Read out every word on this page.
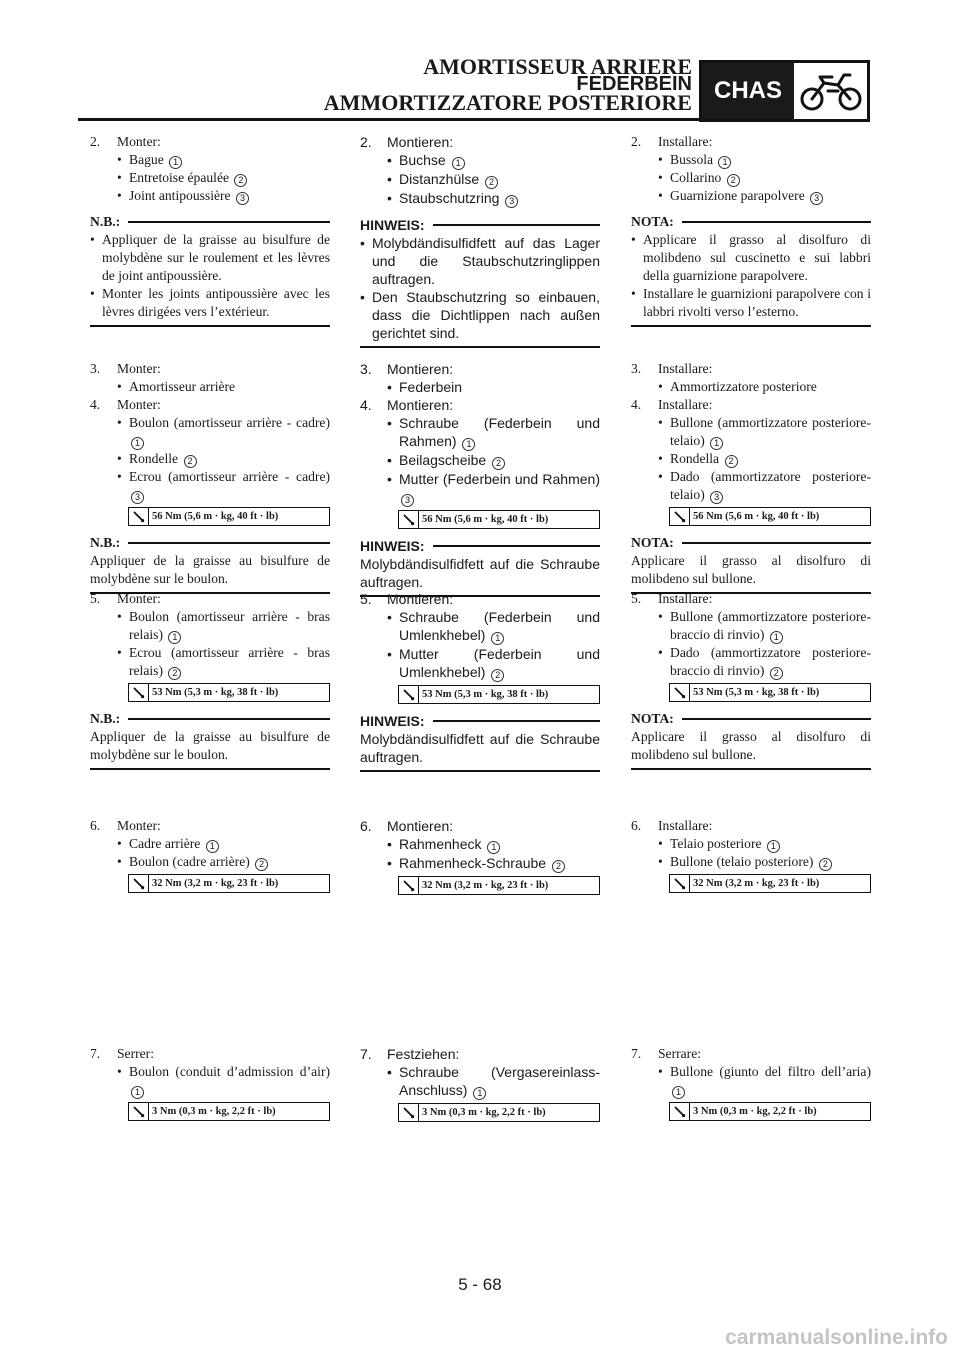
AMORTISSEUR ARRIERE
FEDERBEIN
AMMORTIZZATORE POSTERIORE CHAS
2.	Monter:
• Bague 1
• Entretoise épaulée 2
• Joint antipoussière 3
N.B.:
• Appliquer de la graisse au bisulfure de molybdène sur le roulement et les lèvres de joint antipoussière.
• Monter les joints antipoussière avec les lèvres dirigées vers l’extérieur.
3.	Monter:
• Amortisseur arrière
4.	Monter:
• Boulon (amortisseur arrière - cadre) 1
• Rondelle 2
• Ecrou (amortisseur arrière - cadre) 3
56 Nm (5,6 m · kg, 40 ft · lb)
N.B.:
Appliquer de la graisse au bisulfure de molybdène sur le boulon.
5.	Monter:
• Boulon (amortisseur arrière - bras relais) 1
• Ecrou (amortisseur arrière - bras relais) 2
53 Nm (5,3 m · kg, 38 ft · lb)
N.B.:
Appliquer de la graisse au bisulfure de molybdène sur le boulon.
6.	Monter:
• Cadre arrière 1
• Boulon (cadre arrière) 2
32 Nm (3,2 m · kg, 23 ft · lb)
7.	Serrer:
• Boulon (conduit d’admission d’air) 1
3 Nm (0,3 m · kg, 2,2 ft · lb)
2.	Montieren:
• Buchse 1
• Distanzhülse 2
• Staubschutzring 3
HINWEIS:
• Molybdändisulfidfett auf das Lager und die Staubschutzringlippen auftragen.
• Den Staubschutzring so einbauen, dass die Dichtlippen nach außen gerichtet sind.
3.	Montieren:
• Federbein
4.	Montieren:
• Schraube (Federbein und Rahmen) 1
• Beilagscheibe 2
• Mutter (Federbein und Rahmen) 3
56 Nm (5,6 m · kg, 40 ft · lb)
HINWEIS:
Molybdändisulfidfett auf die Schraube auftragen.
5.	Montieren:
• Schraube (Federbein und Umlenkhebel) 1
• Mutter (Federbein und Umlenkhebel) 2
53 Nm (5,3 m · kg, 38 ft · lb)
HINWEIS:
Molybdändisulfidfett auf die Schraube auftragen.
6.	Montieren:
• Rahmenheck 1
• Rahmenheck-Schraube 2
32 Nm (3,2 m · kg, 23 ft · lb)
7.	Festziehen:
• Schraube (Vergasereinlass-Anschluss) 1
3 Nm (0,3 m · kg, 2,2 ft · lb)
2.	Installare:
• Bussola 1
• Collarino 2
• Guarnizione parapolvere 3
NOTA:
• Applicare il grasso al disolfuro di molibdeno sul cuscinetto e sui labbri della guarnizione parapolvere.
• Installare le guarnizioni parapolvere con i labbri rivolti verso l’esterno.
3.	Installare:
• Ammortizzatore posteriore
4.	Installare:
• Bullone (ammortizzatore posteriore-telaio) 1
• Rondella 2
• Dado (ammortizzatore posteriore-telaio) 3
56 Nm (5,6 m · kg, 40 ft · lb)
NOTA:
Applicare il grasso al disolfuro di molibdeno sul bullone.
5.	Installare:
• Bullone (ammortizzatore posteriore-braccio di rinvio) 1
• Dado (ammortizzatore posteriore-braccio di rinvio) 2
53 Nm (5,3 m · kg, 38 ft · lb)
NOTA:
Applicare il grasso al disolfuro di molibdeno sul bullone.
6.	Installare:
• Telaio posteriore 1
• Bullone (telaio posteriore) 2
32 Nm (3,2 m · kg, 23 ft · lb)
7.	Serrare:
• Bullone (giunto del filtro dell’aria) 1
3 Nm (0,3 m · kg, 2,2 ft · lb)
5 - 68
carmanualsonline.info
